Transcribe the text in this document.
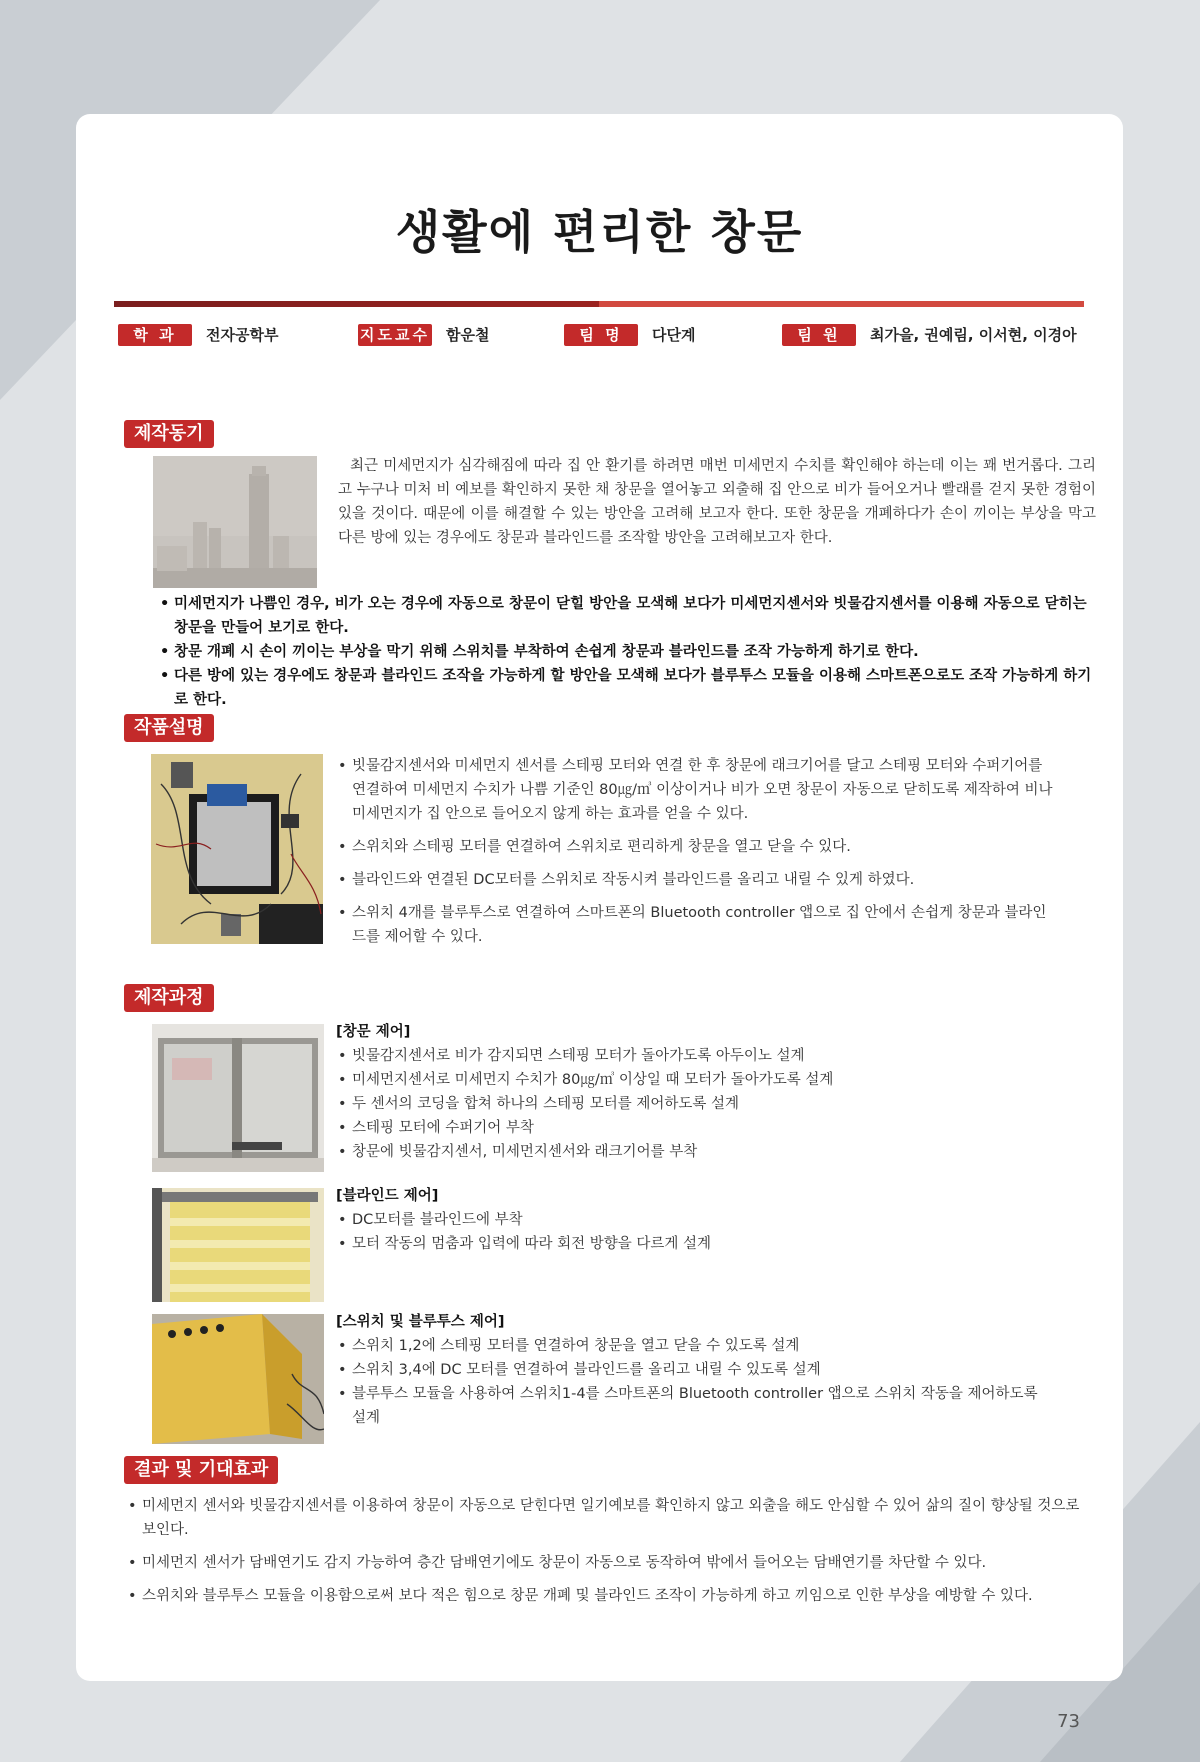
생활에 편리한 창문
학 과	전자공학부	지도교수 함운철	팀 명	다단계	팀 원	최가을, 권예림, 이서현, 이경아
제작동기
최근 미세먼지가 심각해짐에 따라 집 안 환기를 하려면 매번 미세먼지 수치를 확인해야 하는데 이는 꽤 번거롭다. 그리고 누구나 미처 비 예보를 확인하지 못한 채 창문을 열어놓고 외출해 집 안으로 비가 들어오거나 빨래를 걷지 못한 경험이 있을 것이다. 때문에 이를 해결할 수 있는 방안을 고려해 보고자 한다. 또한 창문을 개폐하다가 손이 끼이는 부상을 막고 다른 방에 있는 경우에도 창문과 블라인드를 조작할 방안을 고려해보고자 한다.
• 미세먼지가 나쁨인 경우, 비가 오는 경우에 자동으로 창문이 닫힐 방안을 모색해 보다가 미세먼지센서와 빗물감지센서를 이용해 자동으로 닫히는 창문을 만들어 보기로 한다.
• 창문 개폐 시 손이 끼이는 부상을 막기 위해 스위치를 부착하여 손쉽게 창문과 블라인드를 조작 가능하게 하기로 한다.
• 다른 방에 있는 경우에도 창문과 블라인드 조작을 가능하게 할 방안을 모색해 보다가 블루투스 모듈을 이용해 스마트폰으로도 조작 가능하게 하기로 한다.
작품설명
• 빗물감지센서와 미세먼지 센서를 스테핑 모터와 연결 한 후 창문에 래크기어를 달고 스테핑 모터와 수퍼기어를 연결하여 미세먼지 수치가 나쁨 기준인 80㎍/㎥ 이상이거나 비가 오면 창문이 자동으로 닫히도록 제작하여 비나 미세먼지가 집 안으로 들어오지 않게 하는 효과를 얻을 수 있다.
• 스위치와 스테핑 모터를 연결하여 스위치로 편리하게 창문을 열고 닫을 수 있다.
• 블라인드와 연결된 DC모터를 스위치로 작동시켜 블라인드를 올리고 내릴 수 있게 하였다.
• 스위치 4개를 블루투스로 연결하여 스마트폰의 Bluetooth controller 앱으로 집 안에서 손쉽게 창문과 블라인드를 제어할 수 있다.
제작과정
[창문 제어]
• 빗물감지센서로 비가 감지되면 스테핑 모터가 돌아가도록 아두이노 설계
• 미세먼지센서로 미세먼지 수치가 80㎍/㎥ 이상일 때 모터가 돌아가도록 설계
• 두 센서의 코딩을 합쳐 하나의 스테핑 모터를 제어하도록 설계
• 스테핑 모터에 수퍼기어 부착
• 창문에 빗물감지센서, 미세먼지센서와 래크기어를 부착
[블라인드 제어]
• DC모터를 블라인드에 부착
• 모터 작동의 멈춤과 입력에 따라 회전 방향을 다르게 설계
[스위치 및 블루투스 제어]
• 스위치 1,2에 스테핑 모터를 연결하여 창문을 열고 닫을 수 있도록 설계
• 스위치 3,4에 DC 모터를 연결하여 블라인드를 올리고 내릴 수 있도록 설계
• 블루투스 모듈을 사용하여 스위치1-4를 스마트폰의 Bluetooth controller 앱으로 스위치 작동을 제어하도록 설계
결과 및 기대효과
• 미세먼지 센서와 빗물감지센서를 이용하여 창문이 자동으로 닫힌다면 일기예보를 확인하지 않고 외출을 해도 안심할 수 있어 삶의 질이 향상될 것으로 보인다.
• 미세먼지 센서가 담배연기도 감지 가능하여 층간 담배연기에도 창문이 자동으로 동작하여 밖에서 들어오는 담배연기를 차단할 수 있다.
• 스위치와 블루투스 모듈을 이용함으로써 보다 적은 힘으로 창문 개폐 및 블라인드 조작이 가능하게 하고 끼임으로 인한 부상을 예방할 수 있다.
73
